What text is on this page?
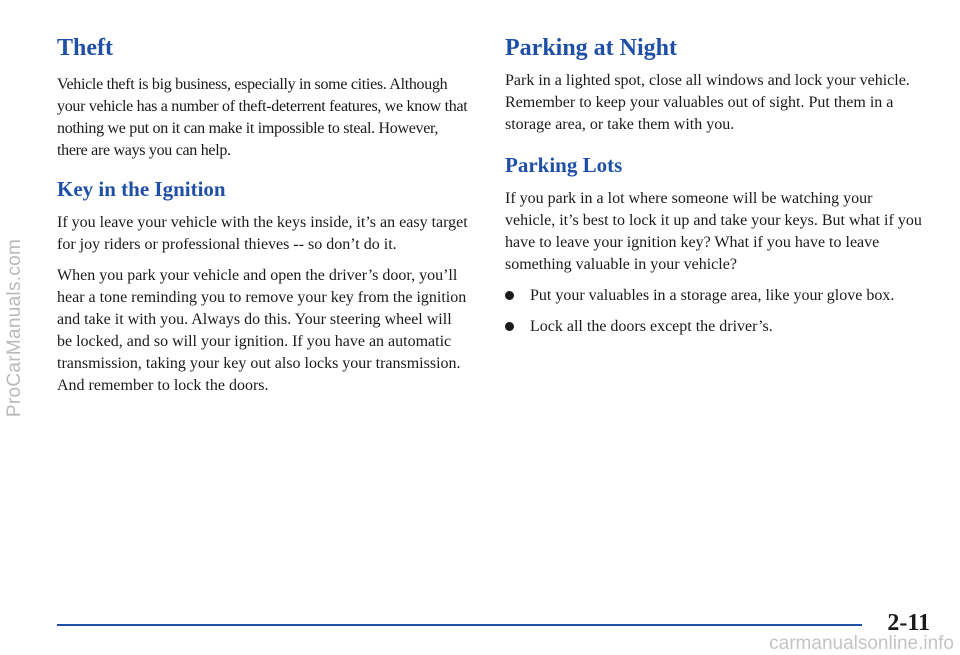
ProCarManuals.com
Theft

Vehicle theft is big business, especially in some cities. Although your vehicle has a number of theft-deterrent features, we know that nothing we put on it can make it impossible to steal. However, there are ways you can help.

Key in the Ignition

If you leave your vehicle with the keys inside, it’s an easy target for joy riders or professional thieves -- so don’t do it.

When you park your vehicle and open the driver’s door, you’ll hear a tone reminding you to remove your key from the ignition and take it with you. Always do this. Your steering wheel will be locked, and so will your ignition. If you have an automatic transmission, taking your key out also locks your transmission. And remember to lock the doors.

Parking at Night

Park in a lighted spot, close all windows and lock your vehicle. Remember to keep your valuables out of sight. Put them in a storage area, or take them with you.

Parking Lots

If you park in a lot where someone will be watching your vehicle, it’s best to lock it up and take your keys. But what if you have to leave your ignition key? What if you have to leave something valuable in your vehicle?

Put your valuables in a storage area, like your glove box.
Lock all the doors except the driver’s.
2-11
carmanualsonline.info
